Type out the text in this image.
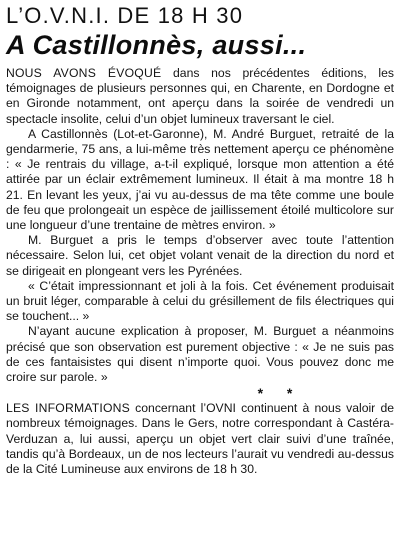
L’O.V.N.I. DE 18 H 30
A Castillonnès, aussi...

NOUS AVONS ÉVOQUÉ dans nos précédentes éditions, les témoignages de plusieurs personnes qui, en Charente, en Dordogne et en Gironde notamment, ont aperçu dans la soirée de vendredi un spectacle insolite, celui d’un objet lumineux traversant le ciel.

A Castillonnès (Lot-et-Garonne), M. André Burguet, retraité de la gendarmerie, 75 ans, a lui-même très nettement aperçu ce phénomène : « Je rentrais du village, a-t-il expliqué, lorsque mon attention a été attirée par un éclair extrêmement lumineux. Il était à ma montre 18 h 21. En levant les yeux, j’ai vu au-dessus de ma tête comme une boule de feu que prolongeait un espèce de jaillissement étoilé multicolore sur une longueur d’une trentaine de mètres environ. »

M. Burguet a pris le temps d’observer avec toute l’attention nécessaire. Selon lui, cet objet volant venait de la direction du nord et se dirigeait en plongeant vers les Pyrénées.

« C’était impressionnant et joli à la fois. Cet événement produisait un bruit léger, comparable à celui du grésillement de fils électriques qui se touchent... »

N’ayant aucune explication à proposer, M. Burguet a néanmoins précisé que son observation est purement objective : « Je ne suis pas de ces fantaisistes qui disent n’importe quoi. Vous pouvez donc me croire sur parole. »

* *

LES INFORMATIONS concernant l’OVNI continuent à nous valoir de nombreux témoignages. Dans le Gers, notre correspondant à Castéra-Verduzan a, lui aussi, aperçu un objet vert clair suivi d’une traînée, tandis qu’à Bordeaux, un de nos lecteurs l’aurait vu vendredi au-dessus de la Cité Lumineuse aux environs de 18 h 30.
